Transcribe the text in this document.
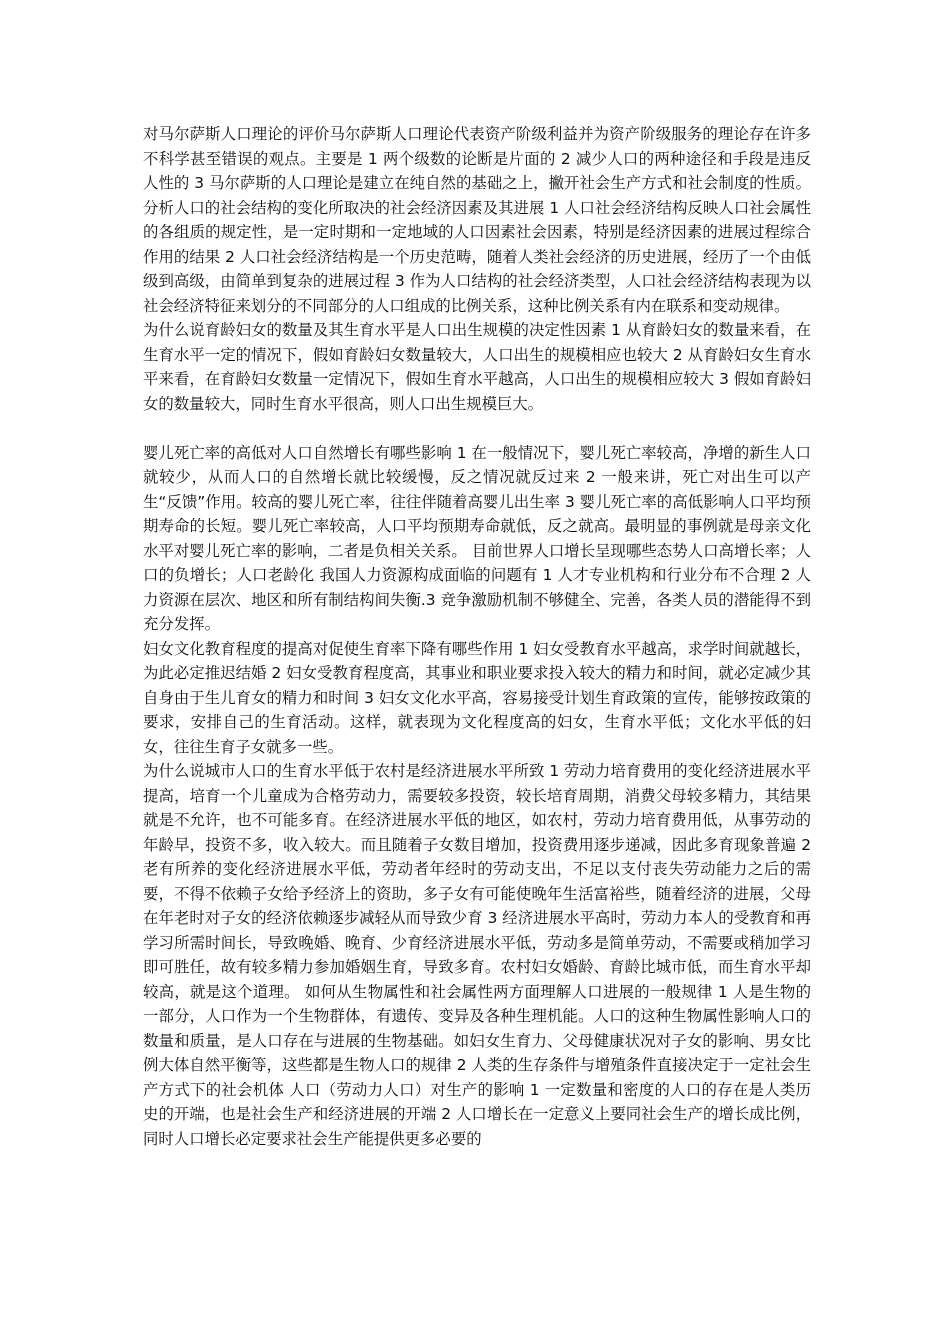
对马尔萨斯人口理论的评价马尔萨斯人口理论代表资产阶级利益并为资产阶级服务的理论存在许多不科学甚至错误的观点。主要是 1 两个级数的论断是片面的 2 减少人口的两种途径和手段是违反人性的 3 马尔萨斯的人口理论是建立在纯自然的基础之上，撇开社会生产方式和社会制度的性质。 分析人口的社会结构的变化所取决的社会经济因素及其进展 1 人口社会经济结构反映人口社会属性的各组质的规定性，是一定时期和一定地域的人口因素社会因素，特别是经济因素的进展过程综合作用的结果 2 人口社会经济结构是一个历史范畴，随着人类社会经济的历史进展，经历了一个由低级到高级，由简单到复杂的进展过程 3 作为人口结构的社会经济类型，人口社会经济结构表现为以社会经济特征来划分的不同部分的人口组成的比例关系，这种比例关系有内在联系和变动规律。

为什么说育龄妇女的数量及其生育水平是人口出生规模的决定性因素 1 从育龄妇女的数量来看，在生育水平一定的情况下，假如育龄妇女数量较大，人口出生的规模相应也较大 2 从育龄妇女生育水平来看，在育龄妇女数量一定情况下，假如生育水平越高，人口出生的规模相应较大 3 假如育龄妇女的数量较大，同时生育水平很高，则人口出生规模巨大。

婴儿死亡率的高低对人口自然增长有哪些影响 1 在一般情况下，婴儿死亡率较高，净增的新生人口就较少，从而人口的自然增长就比较缓慢，反之情况就反过来 2 一般来讲，死亡对出生可以产生“反馈”作用。较高的婴儿死亡率，往往伴随着高婴儿出生率 3 婴儿死亡率的高低影响人口平均预期寿命的长短。婴儿死亡率较高，人口平均预期寿命就低，反之就高。最明显的事例就是母亲文化水平对婴儿死亡率的影响，二者是负相关关系。 目前世界人口增长呈现哪些态势人口高增长率；人口的负增长；人口老龄化 我国人力资源构成面临的问题有 1 人才专业机构和行业分布不合理 2 人力资源在层次、地区和所有制结构间失衡.3 竞争激励机制不够健全、完善，各类人员的潜能得不到充分发挥。

妇女文化教育程度的提高对促使生育率下降有哪些作用 1 妇女受教育水平越高，求学时间就越长，为此必定推迟结婚 2 妇女受教育程度高，其事业和职业要求投入较大的精力和时间，就必定减少其自身由于生儿育女的精力和时间 3 妇女文化水平高，容易接受计划生育政策的宣传，能够按政策的要求，安排自己的生育活动。这样，就表现为文化程度高的妇女，生育水平低；文化水平低的妇女，往往生育子女就多一些。

为什么说城市人口的生育水平低于农村是经济进展水平所致 1 劳动力培育费用的变化经济进展水平提高，培育一个儿童成为合格劳动力，需要较多投资，较长培育周期，消费父母较多精力，其结果就是不允许，也不可能多育。在经济进展水平低的地区，如农村，劳动力培育费用低，从事劳动的年龄早，投资不多，收入较大。而且随着子女数目增加，投资费用逐步递减，因此多育现象普遍 2 老有所养的变化经济进展水平低，劳动者年经时的劳动支出，不足以支付丧失劳动能力之后的需要，不得不依赖子女给予经济上的资助，多子女有可能使晚年生活富裕些，随着经济的进展，父母在年老时对子女的经济依赖逐步减轻从而导致少育 3 经济进展水平高时，劳动力本人的受教育和再学习所需时间长，导致晚婚、晚育、少育经济进展水平低，劳动多是简单劳动，不需要或稍加学习即可胜任，故有较多精力参加婚姻生育，导致多育。农村妇女婚龄、育龄比城市低，而生育水平却较高，就是这个道理。 如何从生物属性和社会属性两方面理解人口进展的一般规律 1 人是生物的一部分，人口作为一个生物群体，有遗传、变异及各种生理机能。人口的这种生物属性影响人口的数量和质量，是人口存在与进展的生物基础。如妇女生育力、父母健康状况对子女的影响、男女比例大体自然平衡等，这些都是生物人口的规律 2 人类的生存条件与增殖条件直接决定于一定社会生产方式下的社会机体 人口（劳动力人口）对生产的影响 1 一定数量和密度的人口的存在是人类历史的开端，也是社会生产和经济进展的开端 2 人口增长在一定意义上要同社会生产的增长成比例，同时人口增长必定要求社会生产能提供更多必要的
